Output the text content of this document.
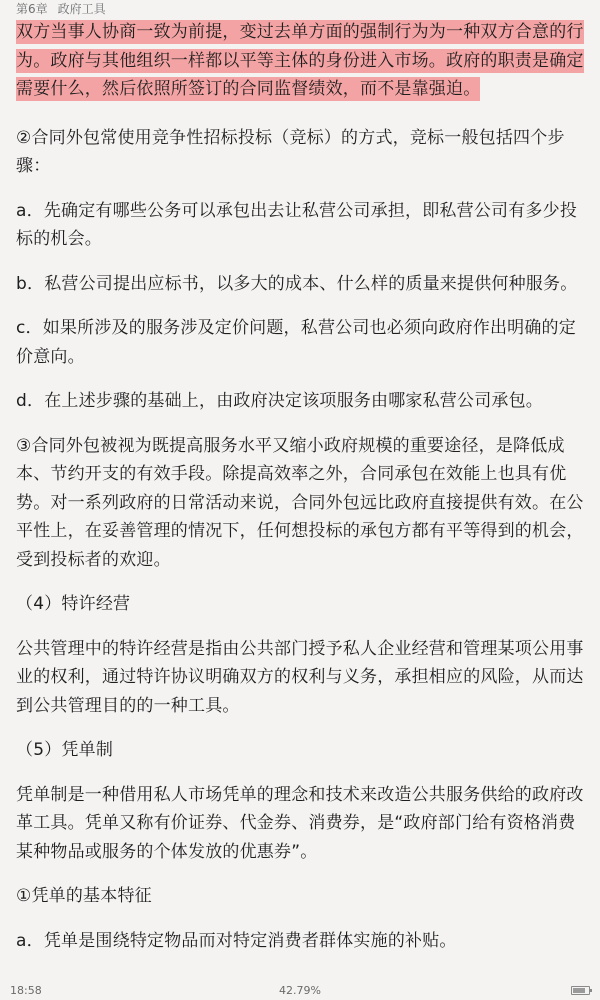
第6章 政府工具

双方当事人协商一致为前提，变过去单方面的强制行为为一种双方合意的行为。政府与其他组织一样都以平等主体的身份进入市场。政府的职责是确定需要什么，然后依照所签订的合同监督绩效，而不是靠强迫。

②合同外包常使用竞争性招标投标（竞标）的方式，竞标一般包括四个步骤：

a．先确定有哪些公务可以承包出去让私营公司承担，即私营公司有多少投标的机会。

b．私营公司提出应标书，以多大的成本、什么样的质量来提供何种服务。

c．如果所涉及的服务涉及定价问题，私营公司也必须向政府作出明确的定价意向。

d．在上述步骤的基础上，由政府决定该项服务由哪家私营公司承包。

③合同外包被视为既提高服务水平又缩小政府规模的重要途径，是降低成本、节约开支的有效手段。除提高效率之外，合同承包在效能上也具有优势。对一系列政府的日常活动来说，合同外包远比政府直接提供有效。在公平性上，在妥善管理的情况下，任何想投标的承包方都有平等得到的机会，受到投标者的欢迎。

（4）特许经营

公共管理中的特许经营是指由公共部门授予私人企业经营和管理某项公用事业的权利，通过特许协议明确双方的权利与义务，承担相应的风险，从而达到公共管理目的的一种工具。

（5）凭单制

凭单制是一种借用私人市场凭单的理念和技术来改造公共服务供给的政府改革工具。凭单又称有价证券、代金券、消费券，是“政府部门给有资格消费某种物品或服务的个体发放的优惠券”。

①凭单的基本特征

a．凭单是围绕特定物品而对特定消费者群体实施的补贴。

18:58	42.79%
